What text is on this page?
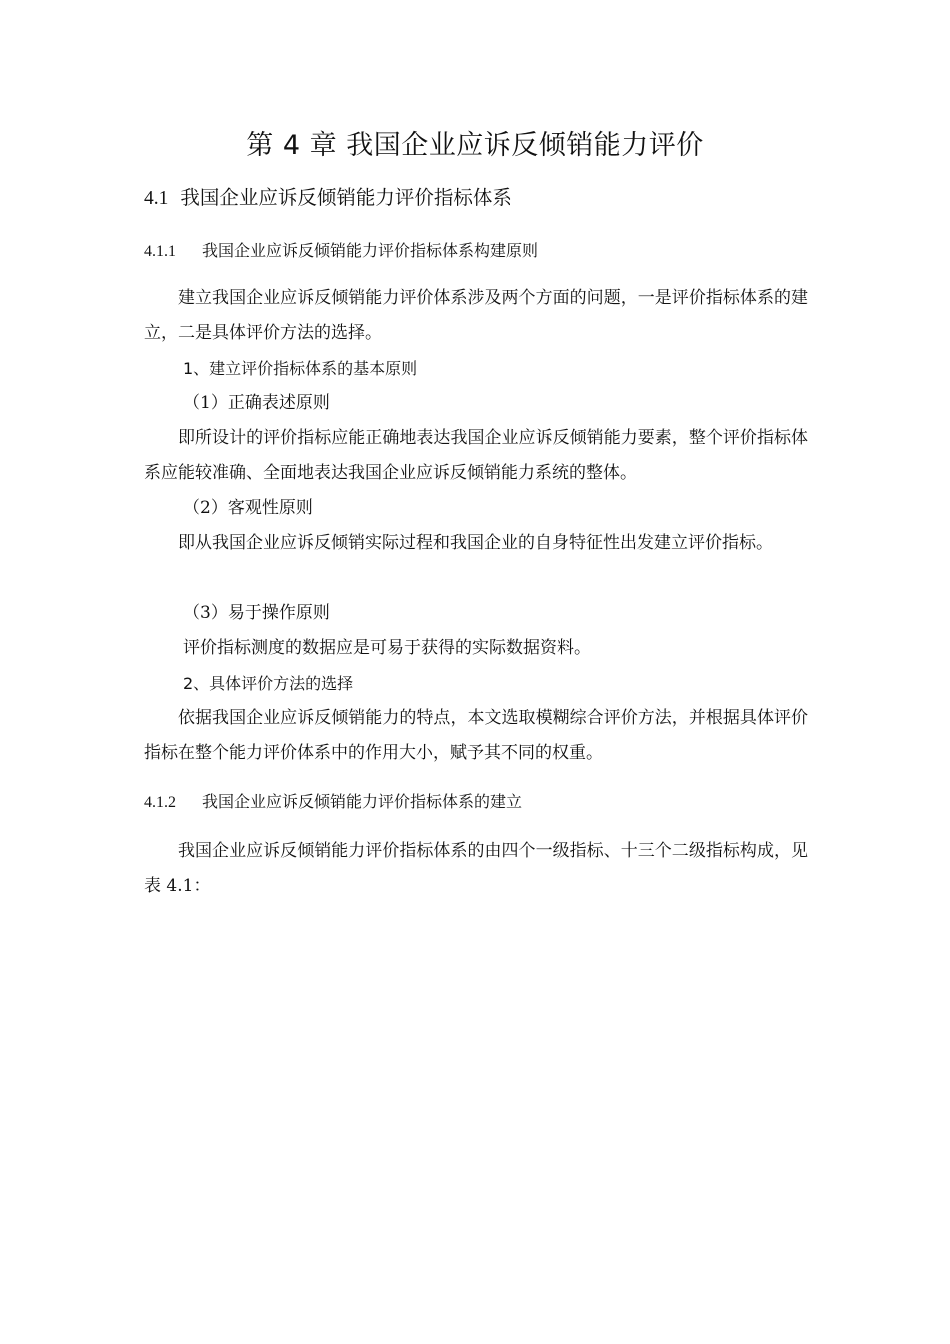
第 4 章 我国企业应诉反倾销能力评价
4.1 我国企业应诉反倾销能力评价指标体系
4.1.1 我国企业应诉反倾销能力评价指标体系构建原则

建立我国企业应诉反倾销能力评价体系涉及两个方面的问题，一是评价指标体系的建立，二是具体评价方法的选择。

1、建立评价指标体系的基本原则

（1）正确表述原则

即所设计的评价指标应能正确地表达我国企业应诉反倾销能力要素，整个评价指标体系应能较准确、全面地表达我国企业应诉反倾销能力系统的整体。

（2）客观性原则

即从我国企业应诉反倾销实际过程和我国企业的自身特征性出发建立评价指标。

（3）易于操作原则

评价指标测度的数据应是可易于获得的实际数据资料。

2、具体评价方法的选择

依据我国企业应诉反倾销能力的特点，本文选取模糊综合评价方法，并根据具体评价指标在整个能力评价体系中的作用大小，赋予其不同的权重。

4.1.2 我国企业应诉反倾销能力评价指标体系的建立

我国企业应诉反倾销能力评价指标体系的由四个一级指标、十三个二级指标构成，见表 4.1：
